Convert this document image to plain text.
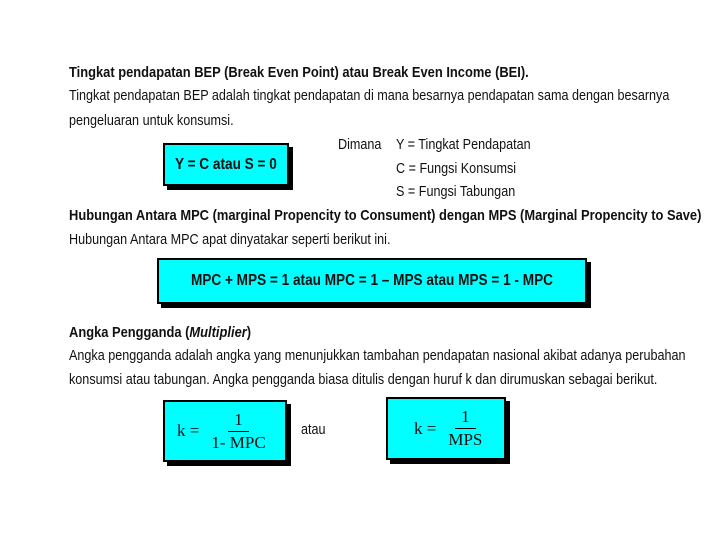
Tingkat pendapatan BEP (Break Even Point) atau Break Even Income (BEI).
Tingkat pendapatan BEP adalah tingkat pendapatan di mana besarnya pendapatan sama dengan besarnya
pengeluaran untuk konsumsi.
Y = C atau S = 0
Dimana Y = Tingkat Pendapatan
C = Fungsi Konsumsi
S = Fungsi Tabungan
Hubungan Antara MPC (marginal Propencity to Consument) dengan MPS (Marginal Propencity to Save)
Hubungan Antara MPC apat dinyatakar seperti berikut ini.
MPC + MPS = 1 atau MPC = 1 – MPS atau MPS = 1 - MPC
Angka Pengganda (Multiplier)
Angka pengganda adalah angka yang menunjukkan tambahan pendapatan nasional akibat adanya perubahan
konsumsi atau tabungan. Angka pengganda biasa ditulis dengan huruf k dan dirumuskan sebagai berikut.
$k = \frac{1}{\text{1- MPC}}$ atau	$k = \frac{1}{\text{MPS}}$
